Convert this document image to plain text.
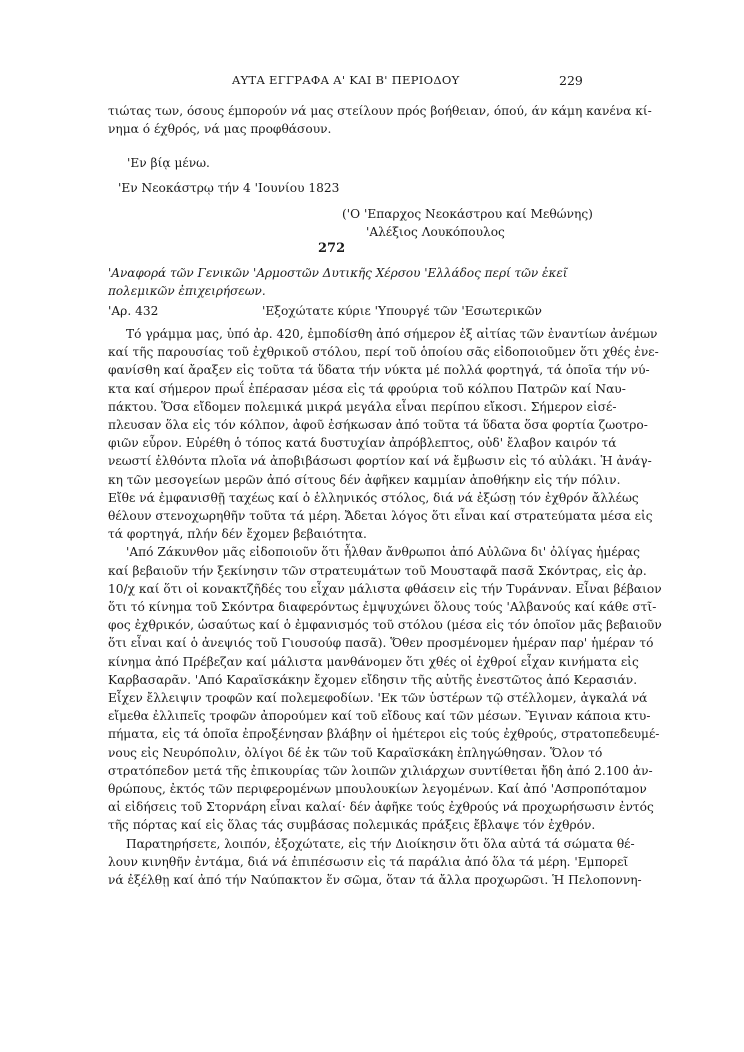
ΑΥΤΑ ΕΓΓΡΑΦΑ Α' ΚΑΙ Β' ΠΕΡΙΟΔΟΥ	229
τιώτας των, όσους έμπορούν νά μας στείλουν πρός βοήθειαν, όπού, άν κάμη κανένα κί-
νημα ό έχθρός, νά μας προφθάσουν.
'Εν βίᾳ μένω.
'Εν Νεοκάστρῳ τήν 4 'Ιουνίου 1823
('Ο 'Επαρχος Νεοκάστρου καί Μεθώνης)
'Αλέξιος Λουκόπουλος
272
'Αναφορά τῶν Γενικῶν 'Αρμοστῶν Δυτικῆς Χέρσου 'Ελλάδος περί τῶν ἐκεῖ πολεμικῶν ἐπιχειρήσεων.
'Αρ. 432	'Εξοχώτατε κύριε 'Υπουργέ τῶν 'Εσωτερικῶν

Τό γράμμα μας, ὑπό ἀρ. 420, ἐμποδίσθη ἀπό σήμερον ἐξ αἰτίας τῶν ἐναντίων ἀνέμων
καί τῆς παρουσίας τοῦ ἐχθρικοῦ στόλου, περί τοῦ ὁποίου σᾶς εἰδοποιοῦμεν ὅτι χθές ἐνε-
φανίσθη καί ἄραξεν εἰς τοῦτα τά ὕδατα τήν νύκτα μέ πολλά φορτηγά, τά ὁποῖα τήν νύ-
κτα καί σήμερον πρωΐ ἐπέρασαν μέσα εἰς τά φρούρια τοῦ κόλπου Πατρῶν καί Ναυ-
πάκτου. Ὅσα εἴδομεν πολεμικά μικρά μεγάλα εἶναι περίπου εἴκοσι. Σήμερον εἰσέ-
πλευσαν ὅλα εἰς τόν κόλπον, ἀφοῦ ἐσήκωσαν ἀπό τοῦτα τά ὕδατα ὅσα φορτία ζωοτρο-
φιῶν εὗρον. Εὑρέθη ὁ τόπος κατά δυστυχίαν ἀπρόβλεπτος, οὐδ' ἔλαβον καιρόν τά
νεωστί ἐλθόντα πλοῖα νά ἀποβιβάσωσι φορτίον καί νά ἔμβωσιν εἰς τό αὐλάκι. Ἡ ἀνάγ-
κη τῶν μεσογείων μερῶν ἀπό σίτους δέν ἀφῆκεν καμμίαν ἀποθήκην εἰς τήν πόλιν.
Εἴθε νά ἐμφανισθῇ ταχέως καί ὁ ἑλληνικός στόλος, διά νά ἐξώσῃ τόν ἐχθρόν ἄλλέως
θέλουν στενοχωρηθῆν τοῦτα τά μέρη. Ἄδεται λόγος ὅτι εἶναι καί στρατεύματα μέσα εἰς
τά φορτηγά, πλήν δέν ἔχομεν βεβαιότητα.

'Από Ζάκυνθον μᾶς εἰδοποιοῦν ὅτι ἦλθαν ἄνθρωποι ἀπό Αὐλῶνα δι' ὀλίγας ἡμέρας
καί βεβαιοῦν τήν ξεκίνησιν τῶν στρατευμάτων τοῦ Μουσταφᾶ πασᾶ Σκόντρας, εἰς ἀρ.
10/χ καί ὅτι οἱ κονακτζῆδές του εἶχαν μάλιστα φθάσειν εἰς τήν Τυράνναν. Εἶναι βέβαιον
ὅτι τό κίνημα τοῦ Σκόντρα διαφερόντως ἐμψυχώνει ὅλους τούς 'Αλβανούς καί κάθε στῖ-
φος ἐχθρικόν, ὡσαύτως καί ὁ ἐμφανισμός τοῦ στόλου (μέσα εἰς τόν ὁποῖον μᾶς βεβαιοῦν
ὅτι εἶναι καί ὁ ἀνεψιός τοῦ Γιουσούφ πασᾶ). Ὅθεν προσμένομεν ἡμέραν παρ' ἡμέραν τό
κίνημα ἀπό Πρέβεζαν καί μάλιστα μανθάνομεν ὅτι χθές οἱ ἐχθροί εἶχαν κινήματα εἰς
Καρβασαρᾶν. 'Από Καραϊσκάκην ἔχομεν εἴδησιν τῆς αὐτῆς ἐνεστῶτος ἀπό Κερασιάν.
Εἶχεν ἔλλειψιν τροφῶν καί πολεμεφοδίων. 'Εκ τῶν ὑστέρων τῷ στέλλομεν, ἀγκαλά νά
εἴμεθα ἐλλιπεῖς τροφῶν ἀπορούμεν καί τοῦ εἴδους καί τῶν μέσων. Ἔγιναν κάποια κτυ-
πήματα, εἰς τά ὁποῖα ἐπροξένησαν βλάβην οἱ ἡμέτεροι εἰς τούς ἐχθρούς, στρατοπεδευμέ-
νους εἰς Νευρόπολιν, ὀλίγοι δέ ἐκ τῶν τοῦ Καραϊσκάκη ἐπληγώθησαν. Ὅλον τό
στρατόπεδον μετά τῆς ἐπικουρίας τῶν λοιπῶν χιλιάρχων συντίθεται ἤδη ἀπό 2.100 ἀν-
θρώπους, ἐκτός τῶν περιφερομένων μπουλουκίων λεγομένων. Καί ἀπό 'Ασπροπόταμον
αἱ εἰδήσεις τοῦ Στορνάρη εἶναι καλαί· δέν ἀφῆκε τούς ἐχθρούς νά προχωρήσωσιν ἐντός
τῆς πόρτας καί εἰς ὅλας τάς συμβάσας πολεμικάς πράξεις ἔβλαψε τόν ἐχθρόν.

Παρατηρήσετε, λοιπόν, ἐξοχώτατε, εἰς τήν Διοίκησιν ὅτι ὅλα αὐτά τά σώματα θέ-
λουν κινηθῆν ἐντάμα, διά νά ἐπιπέσωσιν εἰς τά παράλια ἀπό ὅλα τά μέρη. 'Εμπορεῖ
νά ἐξέλθῃ καί ἀπό τήν Ναύπακτον ἕν σῶμα, ὅταν τά ἄλλα προχωρῶσι. Ἡ Πελοποννη-
